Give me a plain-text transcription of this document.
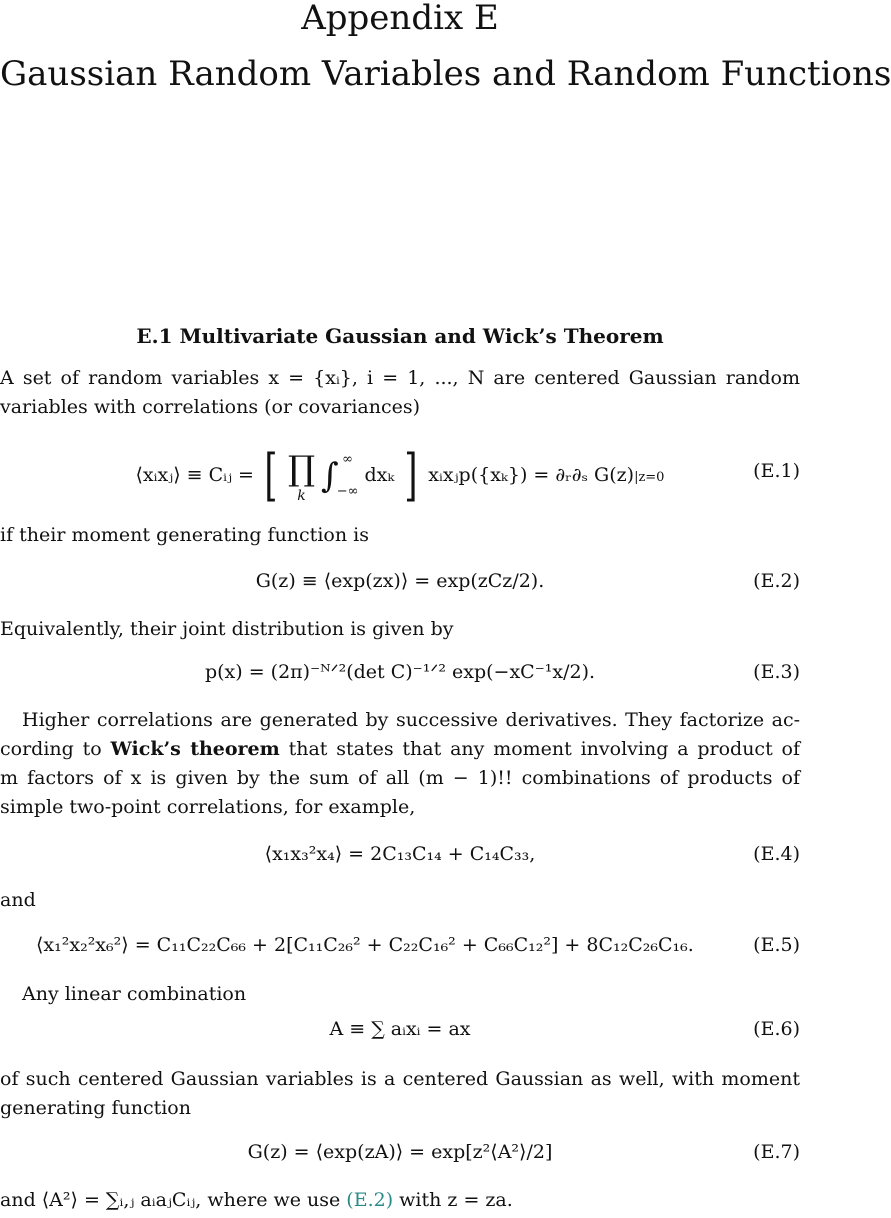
Appendix E
Gaussian Random Variables and Random Functions
E.1 Multivariate Gaussian and Wick’s Theorem

A set of random variables x = {xᵢ}, i = 1, ..., N are centered Gaussian random
variables with correlations (or covariances)

⟨xᵢxⱼ⟩ ≡ Cᵢⱼ = [ ∏
k ∫ ∞
−∞
dxₖ ] xᵢxⱼp({xₖ}) = ∂ᵣ∂ₛ G(z)|z=0	(E.1)

if their moment generating function is

G(z) ≡ ⟨exp(zx)⟩ = exp(zCz/2).	(E.2)

Equivalently, their joint distribution is given by

p(x) = (2π)⁻ᴺᐟ²(det C)⁻¹ᐟ² exp(−xC⁻¹x/2).	(E.3)

Higher correlations are generated by successive derivatives. They factorize ac-
cording to Wick’s theorem that states that any moment involving a product of
m factors of x is given by the sum of all (m − 1)!! combinations of products of
simple two-point correlations, for example,

⟨x₁x₃²x₄⟩ = 2C₁₃C₁₄ + C₁₄C₃₃,	(E.4)

and

⟨x₁²x₂²x₆²⟩ = C₁₁C₂₂C₆₆ + 2[C₁₁C₂₆² + C₂₂C₁₆² + C₆₆C₁₂²] + 8C₁₂C₂₆C₁₆.	(E.5)

Any linear combination

A ≡ ∑ aᵢxᵢ = ax	(E.6)

of such centered Gaussian variables is a centered Gaussian as well, with moment
generating function

G(z) = ⟨exp(zA)⟩ = exp[z²⟨A²⟩/2]	(E.7)

and ⟨A²⟩ = ∑ᵢ,ⱼ aᵢaⱼCᵢⱼ, where we use (E.2) with z = za.
